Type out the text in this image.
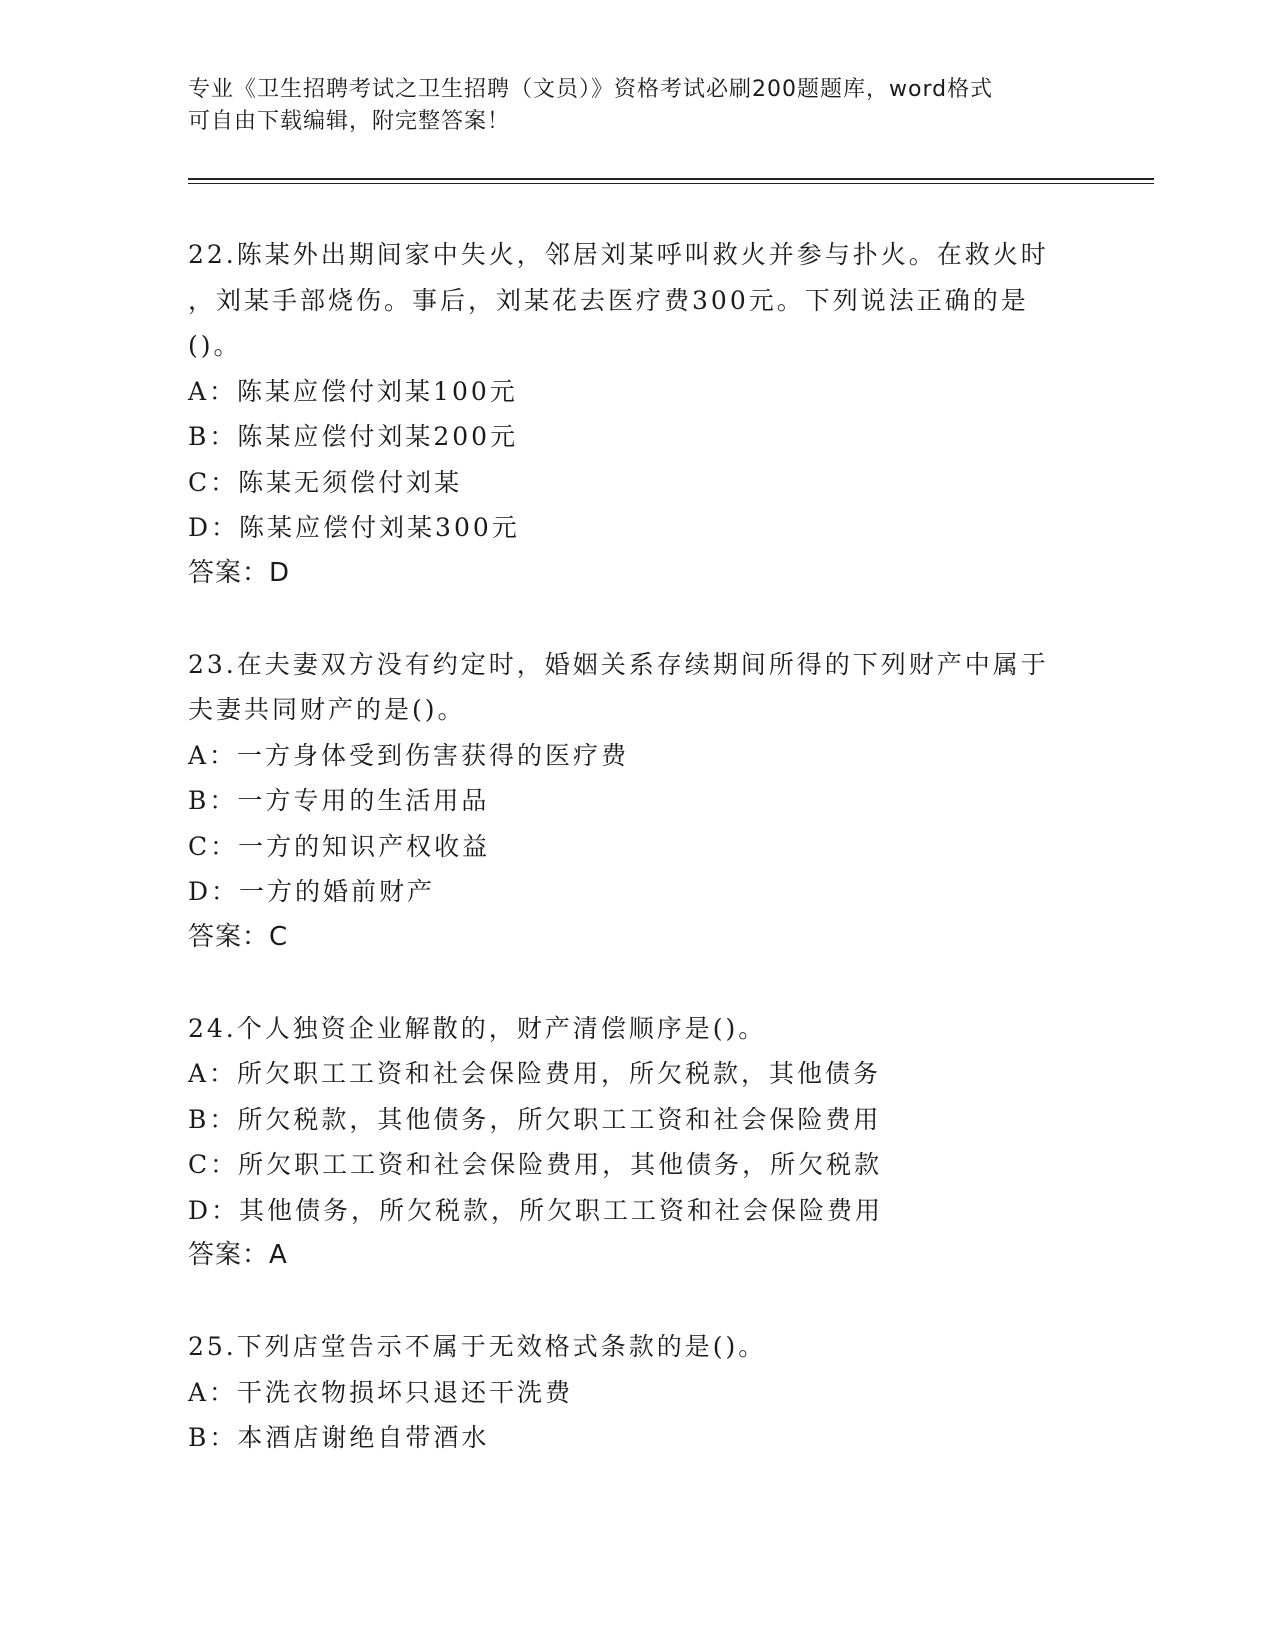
专业《卫生招聘考试之卫生招聘（文员）》资格考试必刷200题题库，word格式
可自由下载编辑，附完整答案！
22.陈某外出期间家中失火，邻居刘某呼叫救火并参与扑火。在救火时
，刘某手部烧伤。事后，刘某花去医疗费300元。下列说法正确的是
()。
A：陈某应偿付刘某100元
B：陈某应偿付刘某200元
C：陈某无须偿付刘某
D：陈某应偿付刘某300元
答案：D
23.在夫妻双方没有约定时，婚姻关系存续期间所得的下列财产中属于
夫妻共同财产的是()。
A：一方身体受到伤害获得的医疗费
B：一方专用的生活用品
C：一方的知识产权收益
D：一方的婚前财产
答案：C
24.个人独资企业解散的，财产清偿顺序是()。
A：所欠职工工资和社会保险费用，所欠税款，其他债务
B：所欠税款，其他债务，所欠职工工资和社会保险费用
C：所欠职工工资和社会保险费用，其他债务，所欠税款
D：其他债务，所欠税款，所欠职工工资和社会保险费用
答案：A
25.下列店堂告示不属于无效格式条款的是()。
A：干洗衣物损坏只退还干洗费
B：本酒店谢绝自带酒水
